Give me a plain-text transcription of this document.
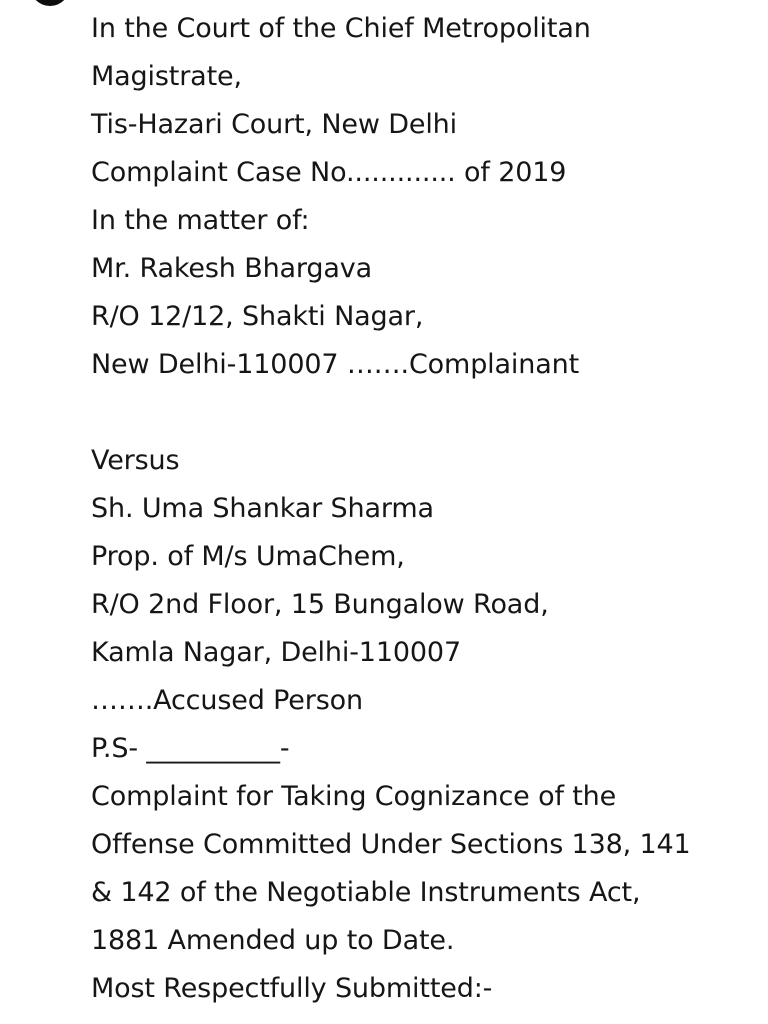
In the Court of the Chief Metropolitan
Magistrate,
Tis-Hazari Court, New Delhi
Complaint Case No............. of 2019
In the matter of:
Mr. Rakesh Bhargava
R/O 12/12, Shakti Nagar,
New Delhi-110007 …….Complainant
Versus
Sh. Uma Shankar Sharma
Prop. of M/s UmaChem,
R/O 2nd Floor, 15 Bungalow Road,
Kamla Nagar, Delhi-110007
…….Accused Person
P.S- __________-
Complaint for Taking Cognizance of the
Offense Committed Under Sections 138, 141
& 142 of the Negotiable Instruments Act,
1881 Amended up to Date.
Most Respectfully Submitted:-
